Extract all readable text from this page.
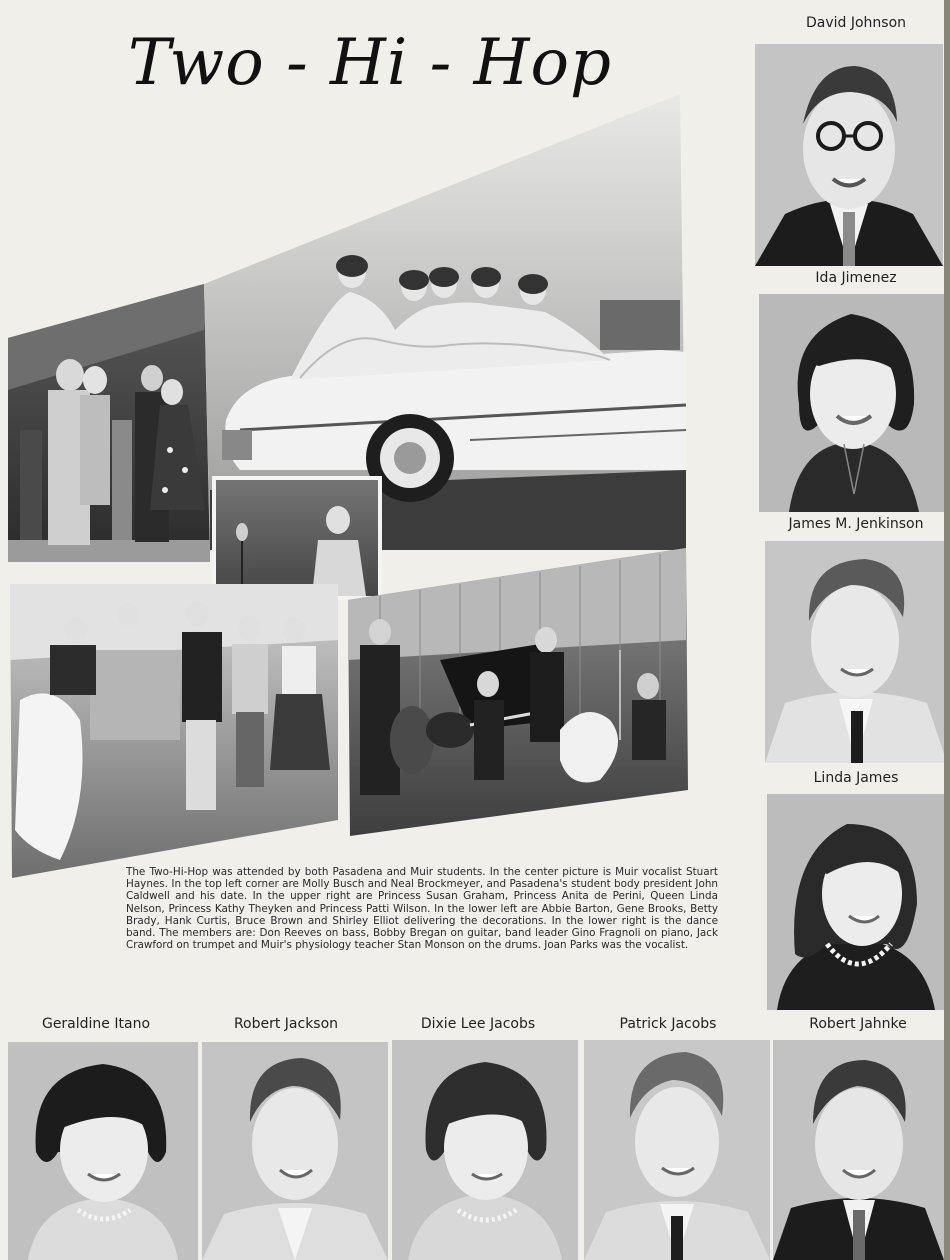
Two - Hi - Hop
The Two-Hi-Hop was attended by both Pasadena and Muir students. In the center picture is Muir vocalist Stuart Haynes. In the top left corner are Molly Busch and Neal Brockmeyer, and Pasadena's student body president John Caldwell and his date. In the upper right are Princess Susan Graham, Princess Anita de Perini, Queen Linda Nelson, Princess Kathy Theyken and Princess Patti Wilson. In the lower left are Abbie Barton, Gene Brooks, Betty Brady, Hank Curtis, Bruce Brown and Shirley Elliot delivering the decorations. In the lower right is the dance band. The members are: Don Reeves on bass, Bobby Bregan on guitar, band leader Gino Fragnoli on piano, Jack Crawford on trumpet and Muir's physiology teacher Stan Monson on the drums. Joan Parks was the vocalist.
David Johnson
Ida Jimenez
James M. Jenkinson
Linda James
Geraldine Itano	Robert Jackson	Dixie Lee Jacobs	Patrick Jacobs	Robert Jahnke
